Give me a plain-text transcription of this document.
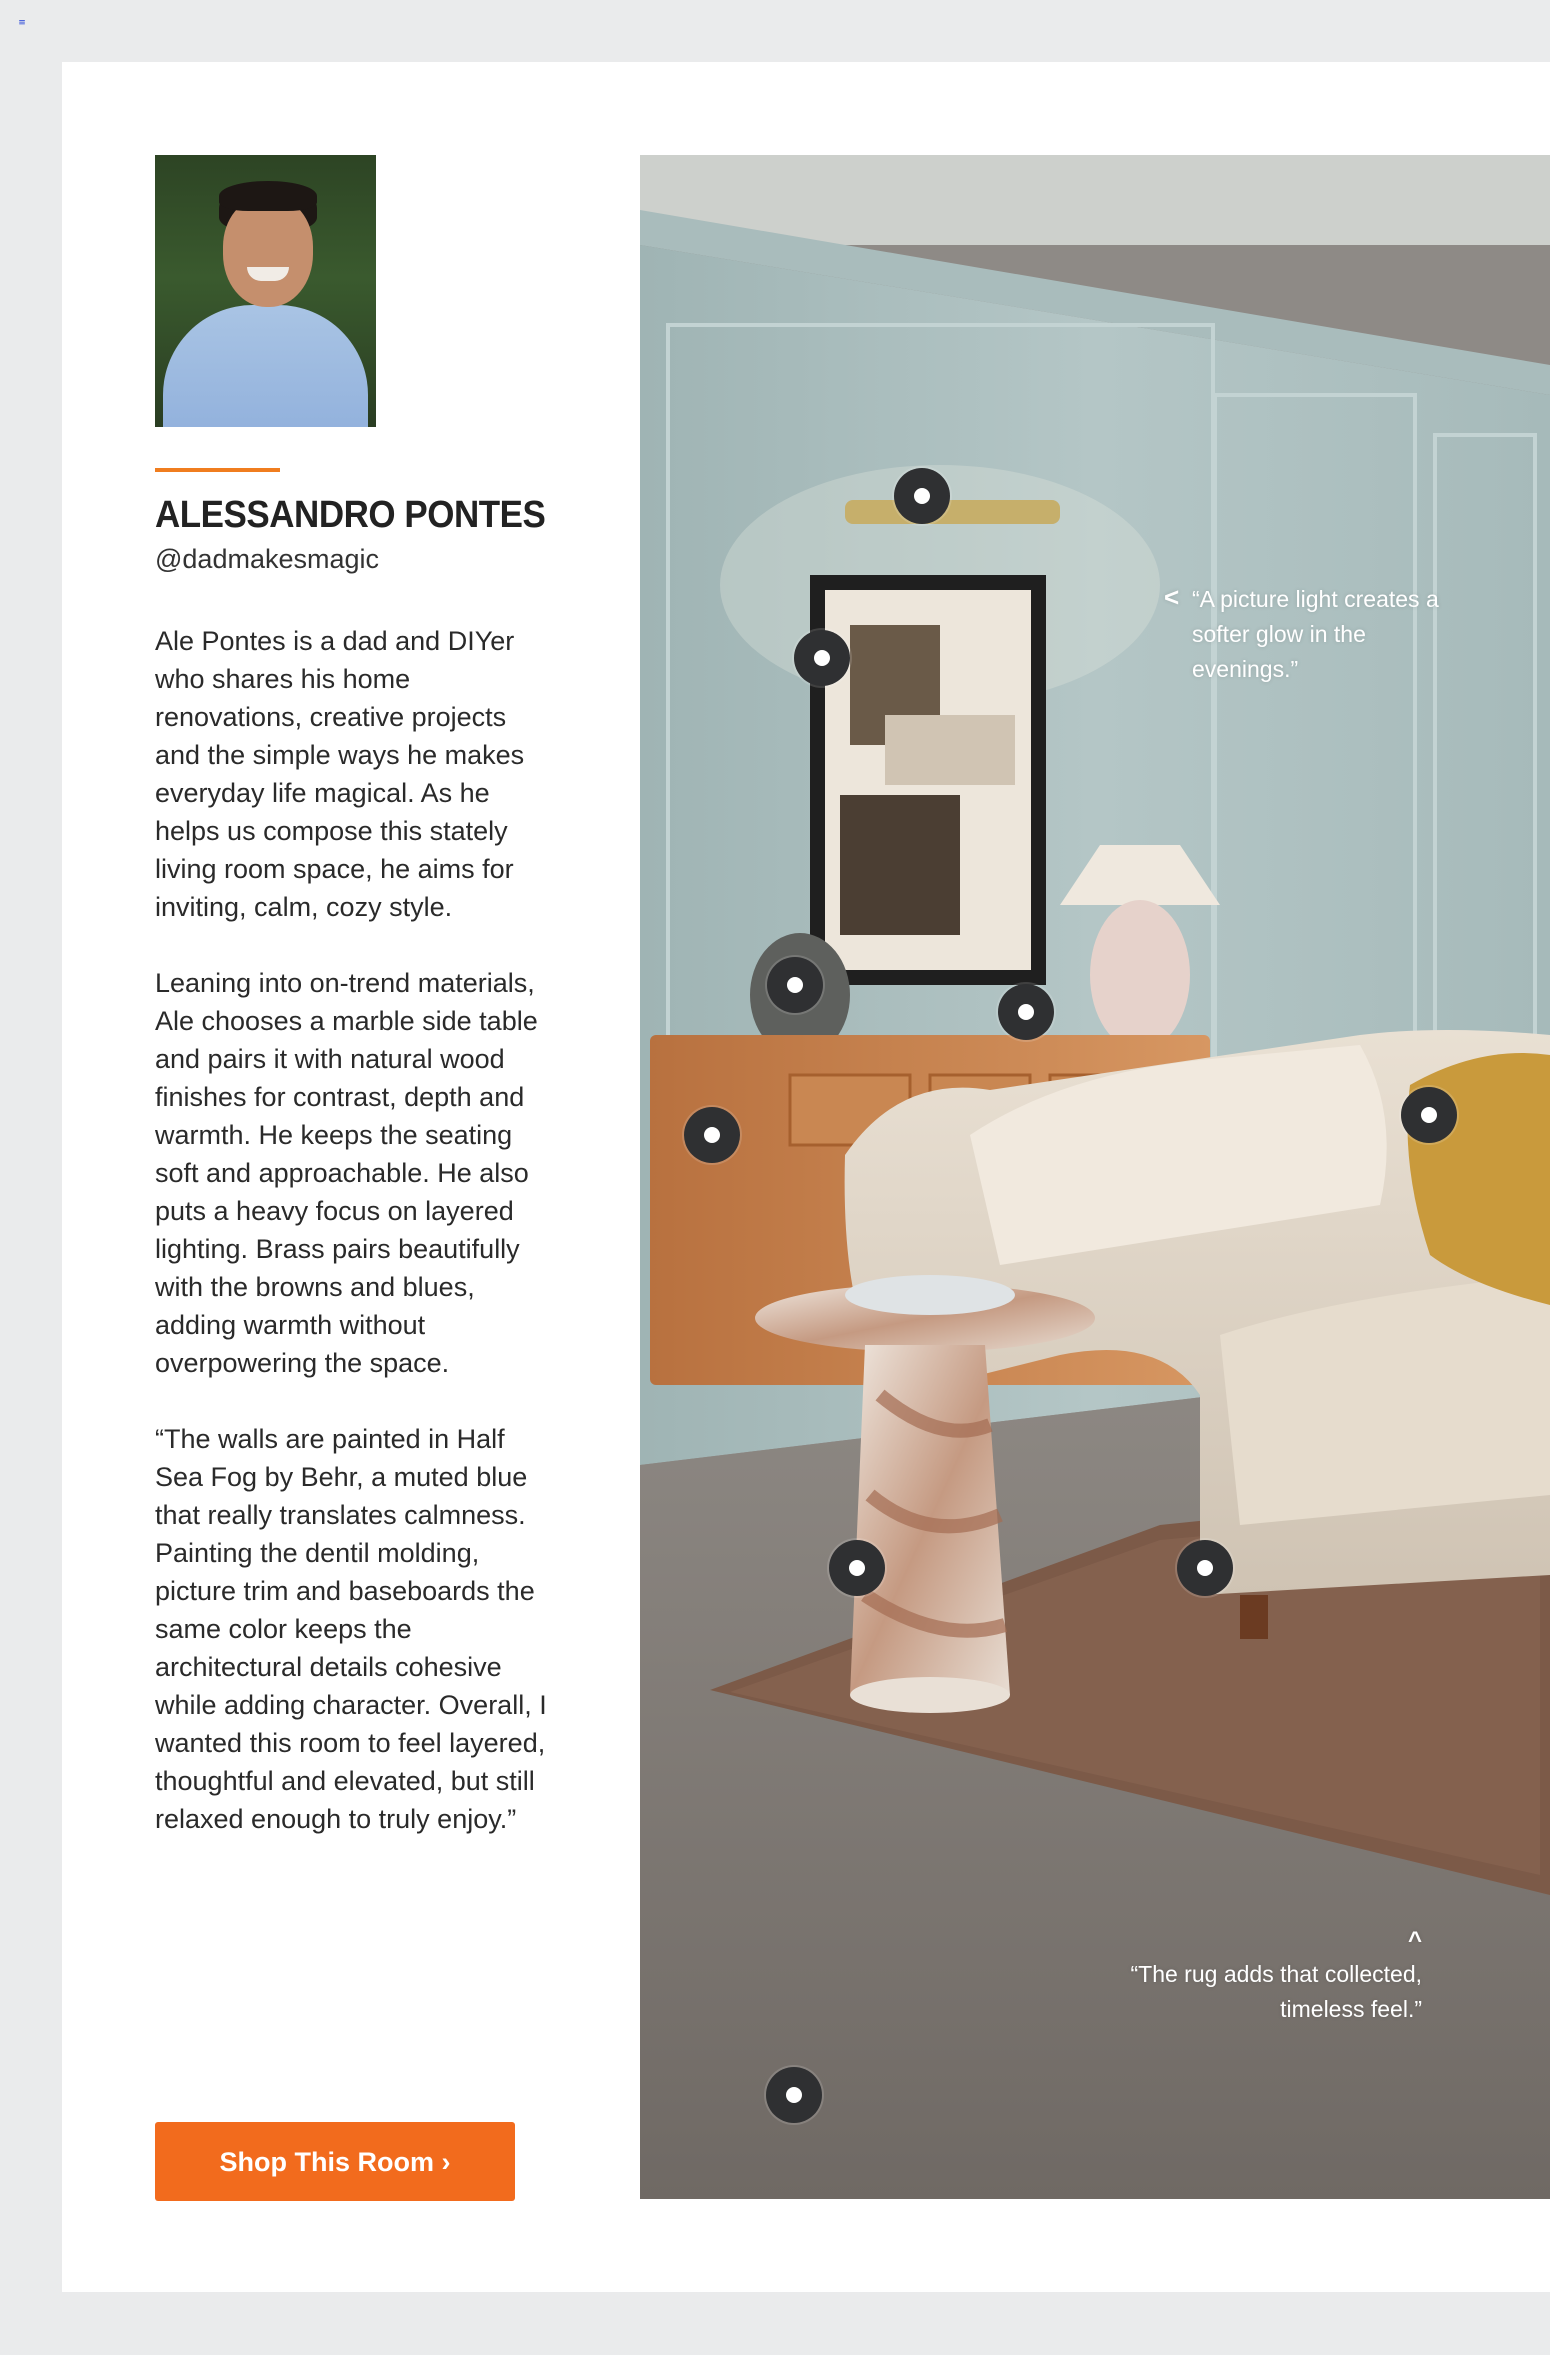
≡
ALESSANDRO PONTES
@dadmakesmagic

Ale Pontes is a dad and DIYer who shares his home renovations, creative projects and the simple ways he makes everyday life magical. As he helps us compose this stately living room space, he aims for inviting, calm, cozy style.

Leaning into on-trend materials, Ale chooses a marble side table and pairs it with natural wood finishes for contrast, depth and warmth. He keeps the seating soft and approachable. He also puts a heavy focus on layered lighting. Brass pairs beautifully with the browns and blues, adding warmth without overpowering the space.

“The walls are painted in Half Sea Fog by Behr, a muted blue that really translates calmness. Painting the dentil molding, picture trim and baseboards the same color keeps the architectural details cohesive while adding character. Overall, I wanted this room to feel layered, thoughtful and elevated, but still relaxed enough to truly enjoy.”

Shop This Room ›
< “A picture light creates a softer glow in the evenings.”
^
“The rug adds that collected, timeless feel.”
